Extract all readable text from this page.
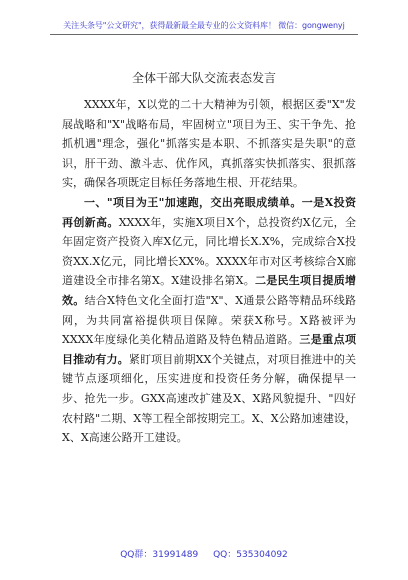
关注头条号"公文研究"，获得最新最全最专业的公文资料库！ 微信：gongwenyj
全体干部大队交流表态发言

XXXX年，X以党的二十大精神为引领，根据区委"X"发展战略和"X"战略布局，牢固树立"项目为王、实干争先、抢抓机遇"理念，强化"抓落实是本职、不抓落实是失职"的意识，肝干劲、激斗志、优作风，真抓落实快抓落实、狠抓落实，确保各项既定目标任务落地生根、开花结果。

一、"项目为王"加速跑，交出亮眼成绩单。一是X投资再创新高。XXXX年，实施X项目X个，总投资约X亿元，全年固定资产投资入库X亿元，同比增长X.X%，完成综合X投资XX.X亿元，同比增长XX%。XXXX年市对区考核综合X廊道建设全市排名第X。X建设排名第X。二是民生项目提质增效。结合X特色文化全面打造"X"、X通景公路等精品环线路网，为共同富裕提供项目保障。荣获X称号。X路被评为XXXX年度绿化美化精品道路及特色精品道路。三是重点项目推动有力。紧盯项目前期XX个关键点，对项目推进中的关键节点逐项细化，压实进度和投资任务分解，确保提早一步、抢先一步。GXX高速改扩建及X、X路风貌提升、"四好农村路"二期、X等工程全部按期完工。X、X公路加速建设，X、X高速公路开工建设。

QQ群：31991489 QQ：535304092
